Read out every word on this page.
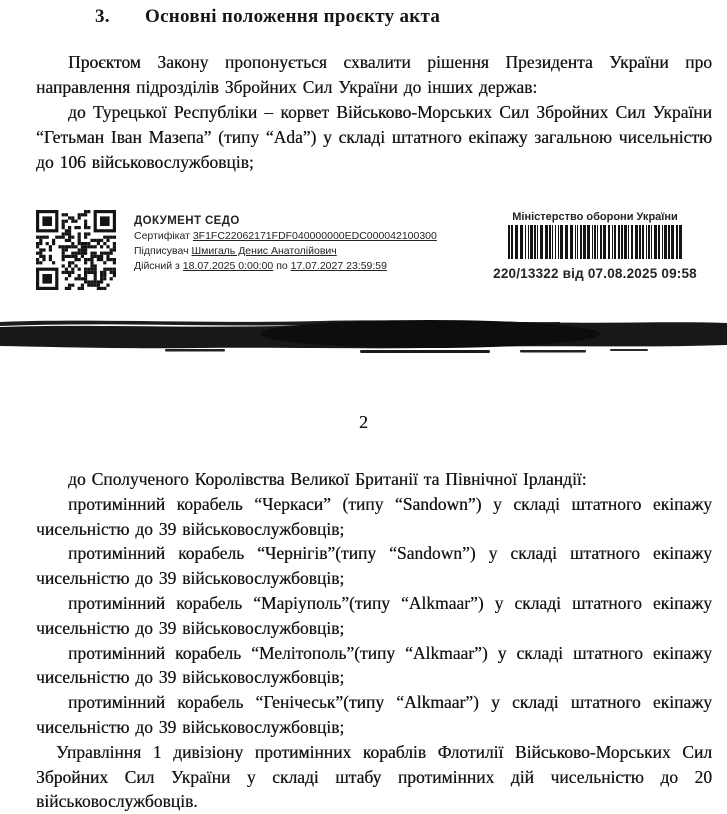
3. Основні положення проєкту акта

Проєктом Закону пропонується схвалити рішення Президента України про направлення підрозділів Збройних Сил України до інших держав:

до Турецької Республіки – корвет Військово-Морських Сил Збройних Сил України “Гетьман Іван Мазепа” (типу “Ada”) у складі штатного екіпажу загальною чисельністю до 106 військовослужбовців;

ДОКУМЕНТ СЕДО
Сертифікат 3F1FC22062171FDF040000000EDC000042100300
Підписувач Шмигаль Денис Анатолійович
Дійсний з 18.07.2025 0:00:00 по 17.07.2027 23:59:59
Міністерство оборони України
220/13322 від 07.08.2025 09:58
2

до Сполученого Королівства Великої Британії та Північної Ірландії:

протимінний корабель “Черкаси” (типу “Sandown”) у складі штатного екіпажу чисельністю до 39 військовослужбовців;

протимінний корабель “Чернігів”(типу “Sandown”) у складі штатного екіпажу чисельністю до 39 військовослужбовців;

протимінний корабель “Маріуполь”(типу “Alkmaar”) у складі штатного екіпажу чисельністю до 39 військовослужбовців;

протимінний корабель “Мелітополь”(типу “Alkmaar”) у складі штатного екіпажу чисельністю до 39 військовослужбовців;

протимінний корабель “Генічеськ”(типу “Alkmaar”) у складі штатного екіпажу чисельністю до 39 військовослужбовців;

Управління 1 дивізіону протимінних кораблів Флотилії Військово-Морських Сил Збройних Сил України у складі штабу протимінних дій чисельністю до 20 військовослужбовців.
